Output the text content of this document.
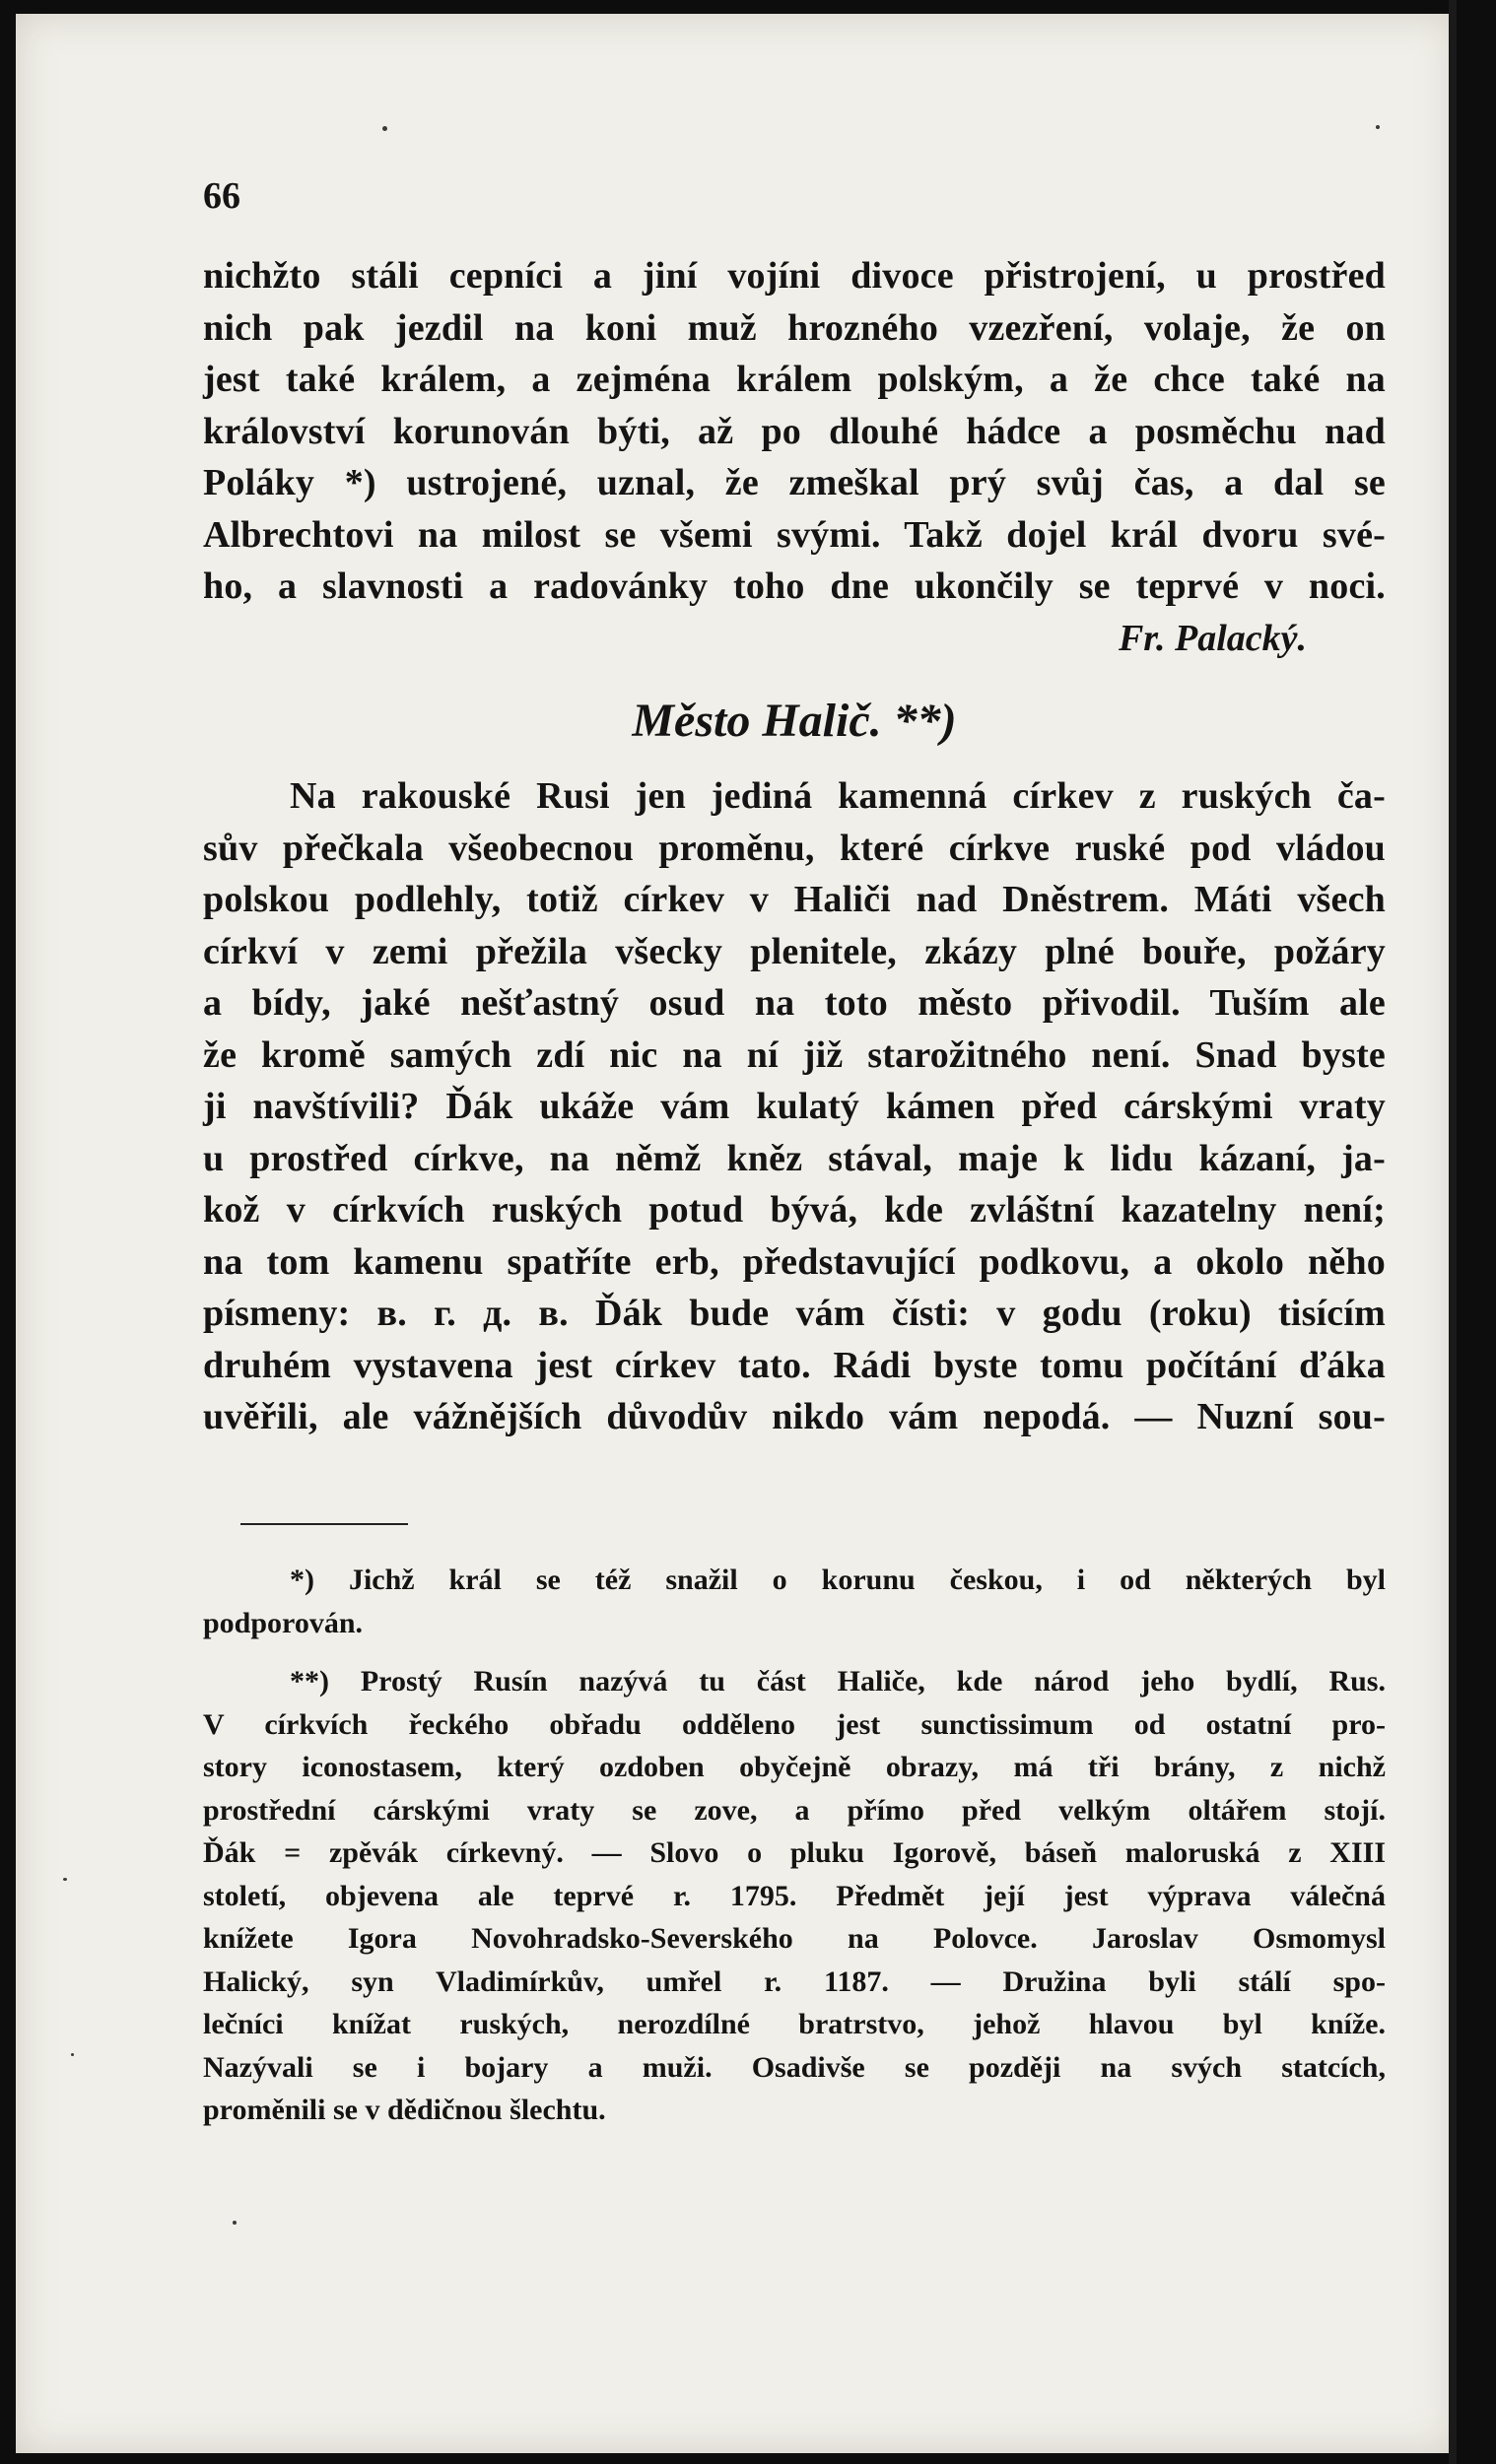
66
nichžto stáli cepníci a jiní vojíni divoce přistrojení, u prostřed
nich pak jezdil na koni muž hrozného vzezření, volaje, že on
jest také králem, a zejména králem polským, a že chce také na
království korunován býti, až po dlouhé hádce a posměchu nad
Poláky *) ustrojené, uznal, že zmeškal prý svůj čas, a dal se
Albrechtovi na milost se všemi svými. Takž dojel král dvoru své-
ho, a slavnosti a radovánky toho dne ukončily se teprvé v noci.
Fr. Palacký.
Město Halič. **)
Na rakouské Rusi jen jediná kamenná církev z ruských ča-
sův přečkala všeobecnou proměnu, které církve ruské pod vládou
polskou podlehly, totiž církev v Haliči nad Dněstrem. Máti všech
církví v zemi přežila všecky plenitele, zkázy plné bouře, požáry
a bídy, jaké nešťastný osud na toto město přivodil. Tuším ale
že kromě samých zdí nic na ní již starožitného není. Snad byste
ji navštívili? Ďák ukáže vám kulatý kámen před cárskými vraty
u prostřed církve, na němž kněz stával, maje k lidu kázaní, ja-
kož v církvích ruských potud bývá, kde zvláštní kazatelny není;
na tom kamenu spatříte erb, představující podkovu, a okolo něho
písmeny: в. г. д. в. Ďák bude vám čísti: v godu (roku) tisícím
druhém vystavena jest církev tato. Rádi byste tomu počítání ďáka
uvěřili, ale vážnějších důvodův nikdo vám nepodá. — Nuzní sou-
*) Jichž král se též snažil o korunu českou, i od některých byl
podporován.
**) Prostý Rusín nazývá tu část Haliče, kde národ jeho bydlí, Rus.
V církvích řeckého obřadu odděleno jest sunctissimum od ostatní pro-
story iconostasem, který ozdoben obyčejně obrazy, má tři brány, z nichž
prostřední cárskými vraty se zove, a přímo před velkým oltářem stojí.
Ďák = zpěvák církevný. — Slovo o pluku Igorově, báseň maloruská z XIII
století, objevena ale teprvé r. 1795. Předmět její jest výprava válečná
knížete Igora Novohradsko-Severského na Polovce. Jaroslav Osmomysl
Halický, syn Vladimírkův, umřel r. 1187. — Družina byli stálí spo-
lečníci knížat ruských, nerozdílné bratrstvo, jehož hlavou byl kníže.
Nazývali se i bojary a muži. Osadivše se později na svých statcích,
proměnili se v dědičnou šlechtu.
